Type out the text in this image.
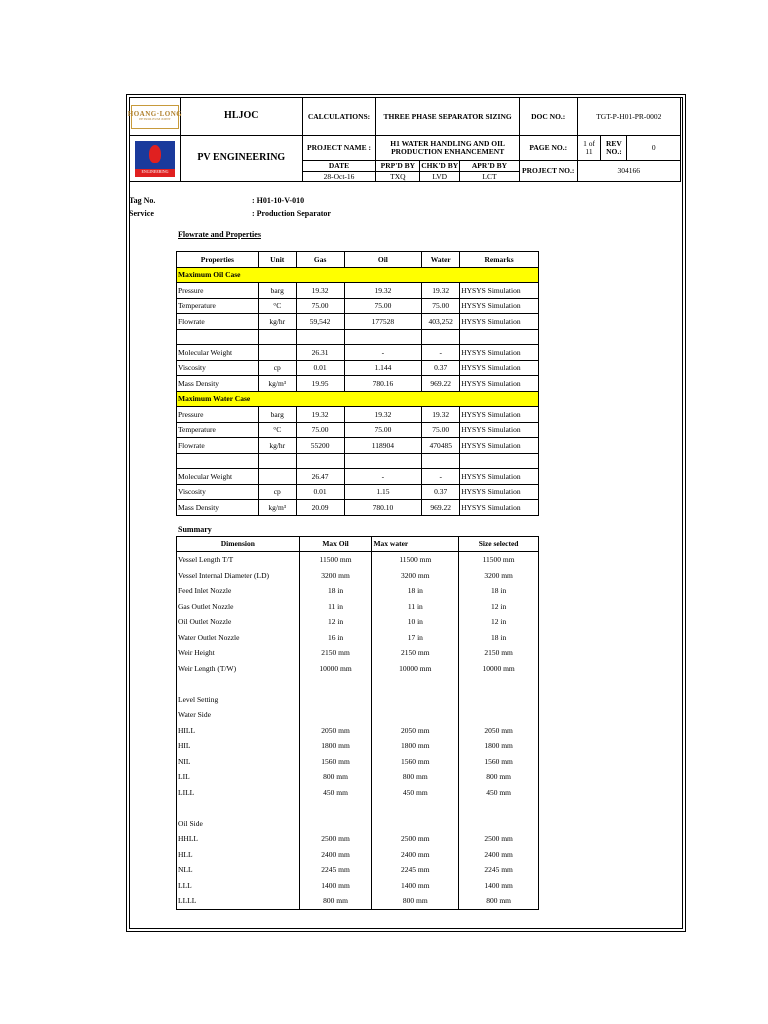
HOANG·LONG
PETROLEUM JOINT	HLJOC	CALCULATIONS:	THREE PHASE SEPARATOR SIZING			DOC NO.:	TGT-P-H01-PR-0002		

ENGINEERING	PV ENGINEERING	PROJECT NAME :	H1 WATER HANDLING AND OIL PRODUCTION ENHANCEMENT			PAGE NO.:	1 of 11	REV NO.:	0
		DATE	PRP'D BY	CHK'D BY	APR'D BY	PROJECT NO.:	304166		
		28-Oct-16	TXQ	LVD	LCT				
Tag No.	: H01-10-V-010
Service	: Production Separator
Flowrate and Properties
Properties	Unit	Gas	Oil	Water	Remarks
Maximum Oil Case					
Pressure	barg	19.32	19.32	19.32	HYSYS Simulation
Temperature	°C	75.00	75.00	75.00	HYSYS Simulation
Flowrate	kg/hr	59,542	177528	403,252	HYSYS Simulation

Molecular Weight		26.31	-	-	HYSYS Simulation
Viscosity	cp	0.01	1.144	0.37	HYSYS Simulation
Mass Density	kg/m³	19.95	780.16	969.22	HYSYS Simulation
Maximum Water Case					
Pressure	barg	19.32	19.32	19.32	HYSYS Simulation
Temperature	°C	75.00	75.00	75.00	HYSYS Simulation
Flowrate	kg/hr	55200	118904	470485	HYSYS Simulation

Molecular Weight		26.47	-	-	HYSYS Simulation
Viscosity	cp	0.01	1.15	0.37	HYSYS Simulation
Mass Density	kg/m³	20.09	780.10	969.22	HYSYS Simulation
Summary
Dimension	Max Oil	Max water	Size selected
Vessel Length T/T	11500 mm	11500 mm	11500 mm
Vessel Internal Diameter (LD)	3200 mm	3200 mm	3200 mm
Feed Inlet Nozzle	18 in	18 in	18 in
Gas Outlet Nozzle	11 in	11 in	12 in
Oil Outlet Nozzle	12 in	10 in	12 in
Water Outlet Nozzle	16 in	17 in	18 in
Weir Height	2150 mm	2150 mm	2150 mm
Weir Length (T/W)	10000 mm	10000 mm	10000 mm

Level Setting			
Water Side			
HILL	2050 mm	2050 mm	2050 mm
HIL	1800 mm	1800 mm	1800 mm
NIL	1560 mm	1560 mm	1560 mm
LIL	800 mm	800 mm	800 mm
LILL	450 mm	450 mm	450 mm

Oil Side			
HHLL	2500 mm	2500 mm	2500 mm
HLL	2400 mm	2400 mm	2400 mm
NLL	2245 mm	2245 mm	2245 mm
LLL	1400 mm	1400 mm	1400 mm
LLLL	800 mm	800 mm	800 mm
